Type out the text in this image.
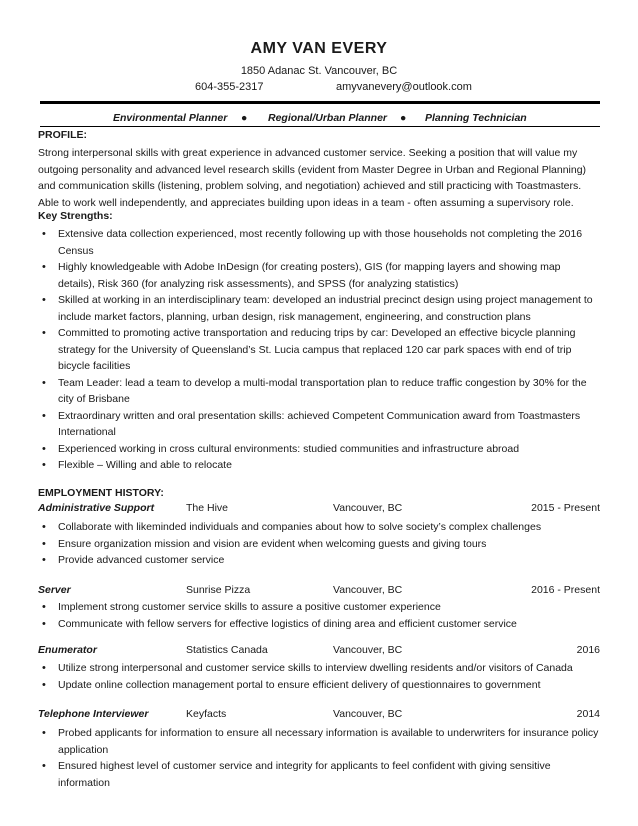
AMY VAN EVERY
1850 Adanac St. Vancouver, BC
604-355-2317	amyvanevery@outlook.com
Environmental Planner ● Regional/Urban Planner ● Planning Technician
PROFILE:
Strong interpersonal skills with great experience in advanced customer service. Seeking a position that will value my
outgoing personality and advanced level research skills (evident from Master Degree in Urban and Regional Planning)
and communication skills (listening, problem solving, and negotiation) achieved and still practicing with Toastmasters.
Able to work well independently, and appreciates building upon ideas in a team - often assuming a supervisory role.
Key Strengths:
• Extensive data collection experienced, most recently following up with those households not completing the 2016 Census
• Highly knowledgeable with Adobe InDesign (for creating posters), GIS (for mapping layers and showing map details), Risk 360 (for analyzing risk assessments), and SPSS (for analyzing statistics)
• Skilled at working in an interdisciplinary team: developed an industrial precinct design using project management to include market factors, planning, urban design, risk management, engineering, and construction plans
• Committed to promoting active transportation and reducing trips by car: Developed an effective bicycle planning strategy for the University of Queensland’s St. Lucia campus that replaced 120 car park spaces with end of trip bicycle facilities
• Team Leader: lead a team to develop a multi-modal transportation plan to reduce traffic congestion by 30% for the city of Brisbane
• Extraordinary written and oral presentation skills: achieved Competent Communication award from Toastmasters International
• Experienced working in cross cultural environments: studied communities and infrastructure abroad
• Flexible – Willing and able to relocate
EMPLOYMENT HISTORY:
Administrative Support	The Hive	Vancouver, BC	2015 - Present
• Collaborate with likeminded individuals and companies about how to solve society’s complex challenges
• Ensure organization mission and vision are evident when welcoming guests and giving tours
• Provide advanced customer service
Server	Sunrise Pizza	Vancouver, BC	2016 - Present
• Implement strong customer service skills to assure a positive customer experience
• Communicate with fellow servers for effective logistics of dining area and efficient customer service
Enumerator	Statistics Canada	Vancouver, BC	2016
• Utilize strong interpersonal and customer service skills to interview dwelling residents and/or visitors of Canada
• Update online collection management portal to ensure efficient delivery of questionnaires to government
Telephone Interviewer	Keyfacts	Vancouver, BC	2014
• Probed applicants for information to ensure all necessary information is available to underwriters for insurance policy application
• Ensured highest level of customer service and integrity for applicants to feel confident with giving sensitive information
